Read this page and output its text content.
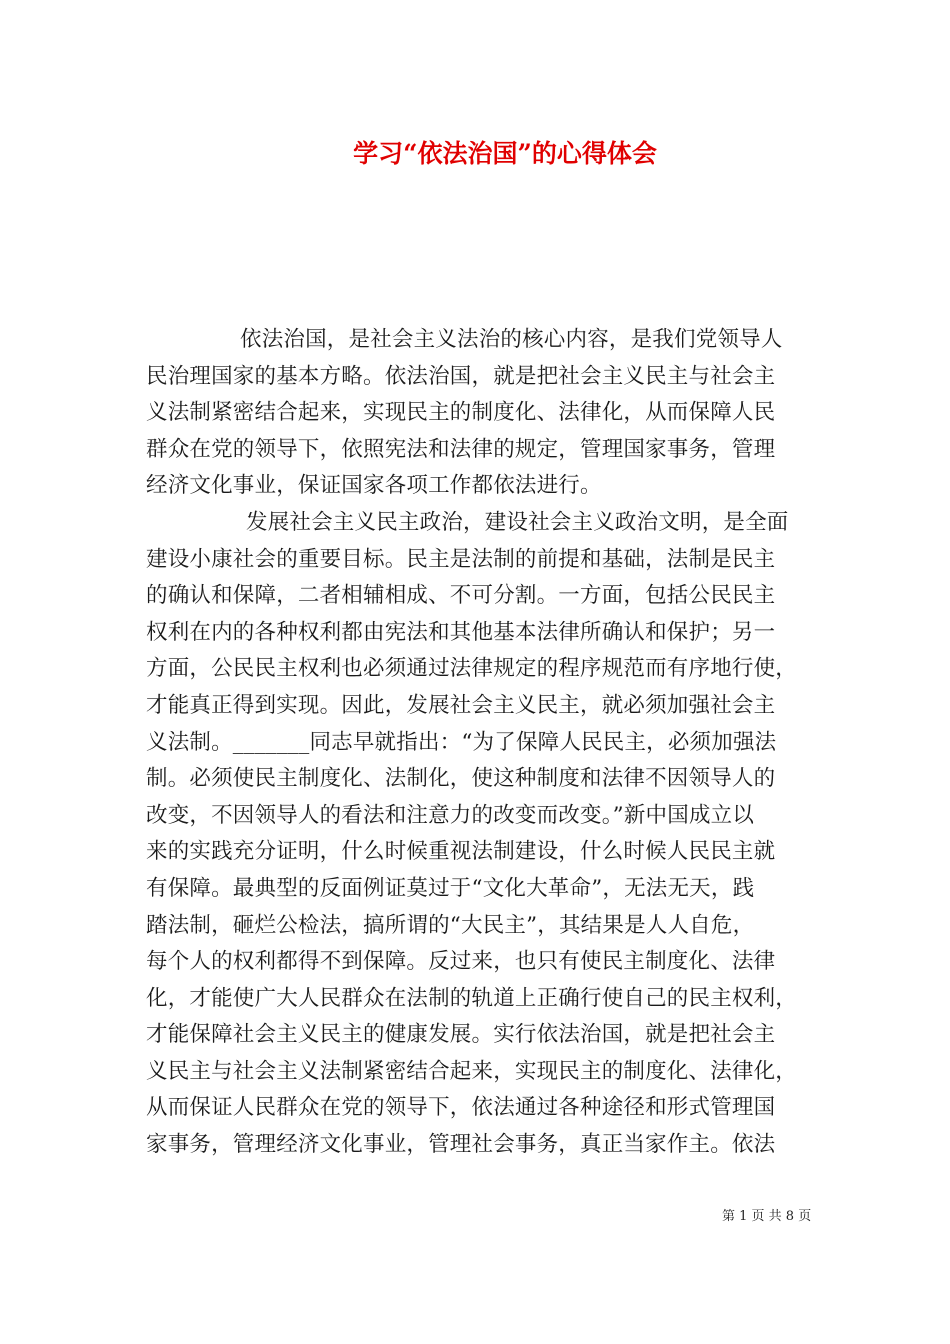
学习“依法治国”的心得体会
依法治国，是社会主义法治的核心内容，是我们党领导人
民治理国家的基本方略。依法治国，就是把社会主义民主与社会主
义法制紧密结合起来，实现民主的制度化、法律化，从而保障人民
群众在党的领导下，依照宪法和法律的规定，管理国家事务，管理
经济文化事业，保证国家各项工作都依法进行。
发展社会主义民主政治，建设社会主义政治文明，是全面
建设小康社会的重要目标。民主是法制的前提和基础，法制是民主
的确认和保障，二者相辅相成、不可分割。一方面，包括公民民主
权利在内的各种权利都由宪法和其他基本法律所确认和保护；另一
方面，公民民主权利也必须通过法律规定的程序规范而有序地行使，
才能真正得到实现。因此，发展社会主义民主，就必须加强社会主
义法制。_______同志早就指出：“为了保障人民民主，必须加强法
制。必须使民主制度化、法制化，使这种制度和法律不因领导人的
改变，不因领导人的看法和注意力的改变而改变。”新中国成立以
来的实践充分证明，什么时候重视法制建设，什么时候人民民主就
有保障。最典型的反面例证莫过于“文化大革命”，无法无天，践
踏法制，砸烂公检法，搞所谓的“大民主”，其结果是人人自危，
每个人的权利都得不到保障。反过来，也只有使民主制度化、法律
化，才能使广大人民群众在法制的轨道上正确行使自己的民主权利，
才能保障社会主义民主的健康发展。实行依法治国，就是把社会主
义民主与社会主义法制紧密结合起来，实现民主的制度化、法律化，
从而保证人民群众在党的领导下，依法通过各种途径和形式管理国
家事务，管理经济文化事业，管理社会事务，真正当家作主。依法
第 1 页 共 8 页
